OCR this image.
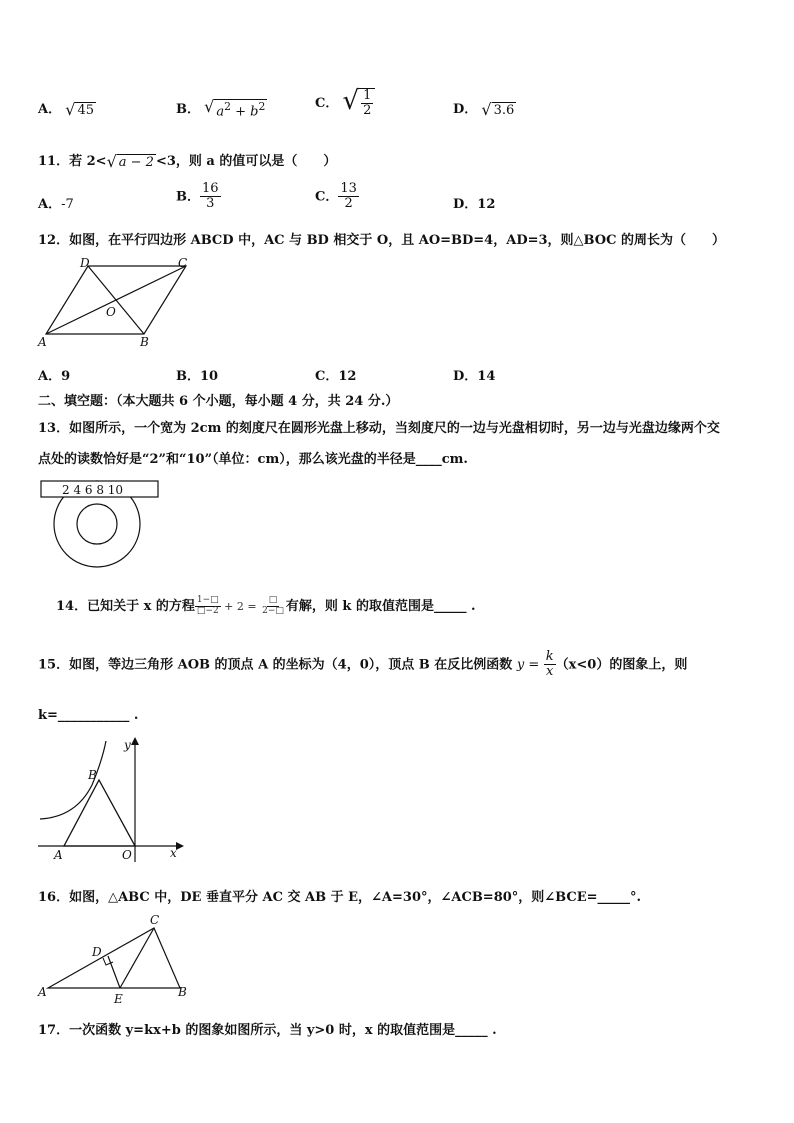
A． √ 45	B． √ $a^2 + b^2$	C． √ $\frac{1}{2}$	D． √ 3.6
11．若 2< √ a − 2 <3，则 a 的值可以是（　　）
A．-7
B． $\frac{16}{3}$	C． $\frac{13}{2}$	D．12
12．如图，在平行四边形 ABCD 中，AC 与 BD 相交于 O，且 AO=BD=4，AD=3，则△BOC 的周长为（　　）
D	C
A	B
O
A．9	B．10	C．12	D．14
二、填空题：（本大题共 6 个小题，每小题 4 分，共 24 分.）
13．如图所示，一个宽为 2cm 的刻度尺在圆形光盘上移动，当刻度尺的一边与光盘相切时，另一边与光盘边缘两个交
点处的读数恰好是“2”和“10”（单位：cm），那么该光盘的半径是____cm.
2 4 6 8 10
14．已知关于 x 的方程 $\frac{1-□}{□-2} + 2 = \frac{□}{2-□}$ 有解，则 k 的取值范围是_____ .
15．如图，等边三角形 AOB 的顶点 A 的坐标为（4，0），顶点 B 在反比例函数 $y = \frac{k}{x} (x<0)$的图象上，则
k=___________ .
B
A	O	x
y
16．如图，△ABC 中，DE 垂直平分 AC 交 AB 于 E，∠A=30°，∠ACB=80°，则∠BCE=_____°.
C
D
A	B
E
17．一次函数 y=kx+b 的图象如图所示，当 y>0 时，x 的取值范围是_____ .
